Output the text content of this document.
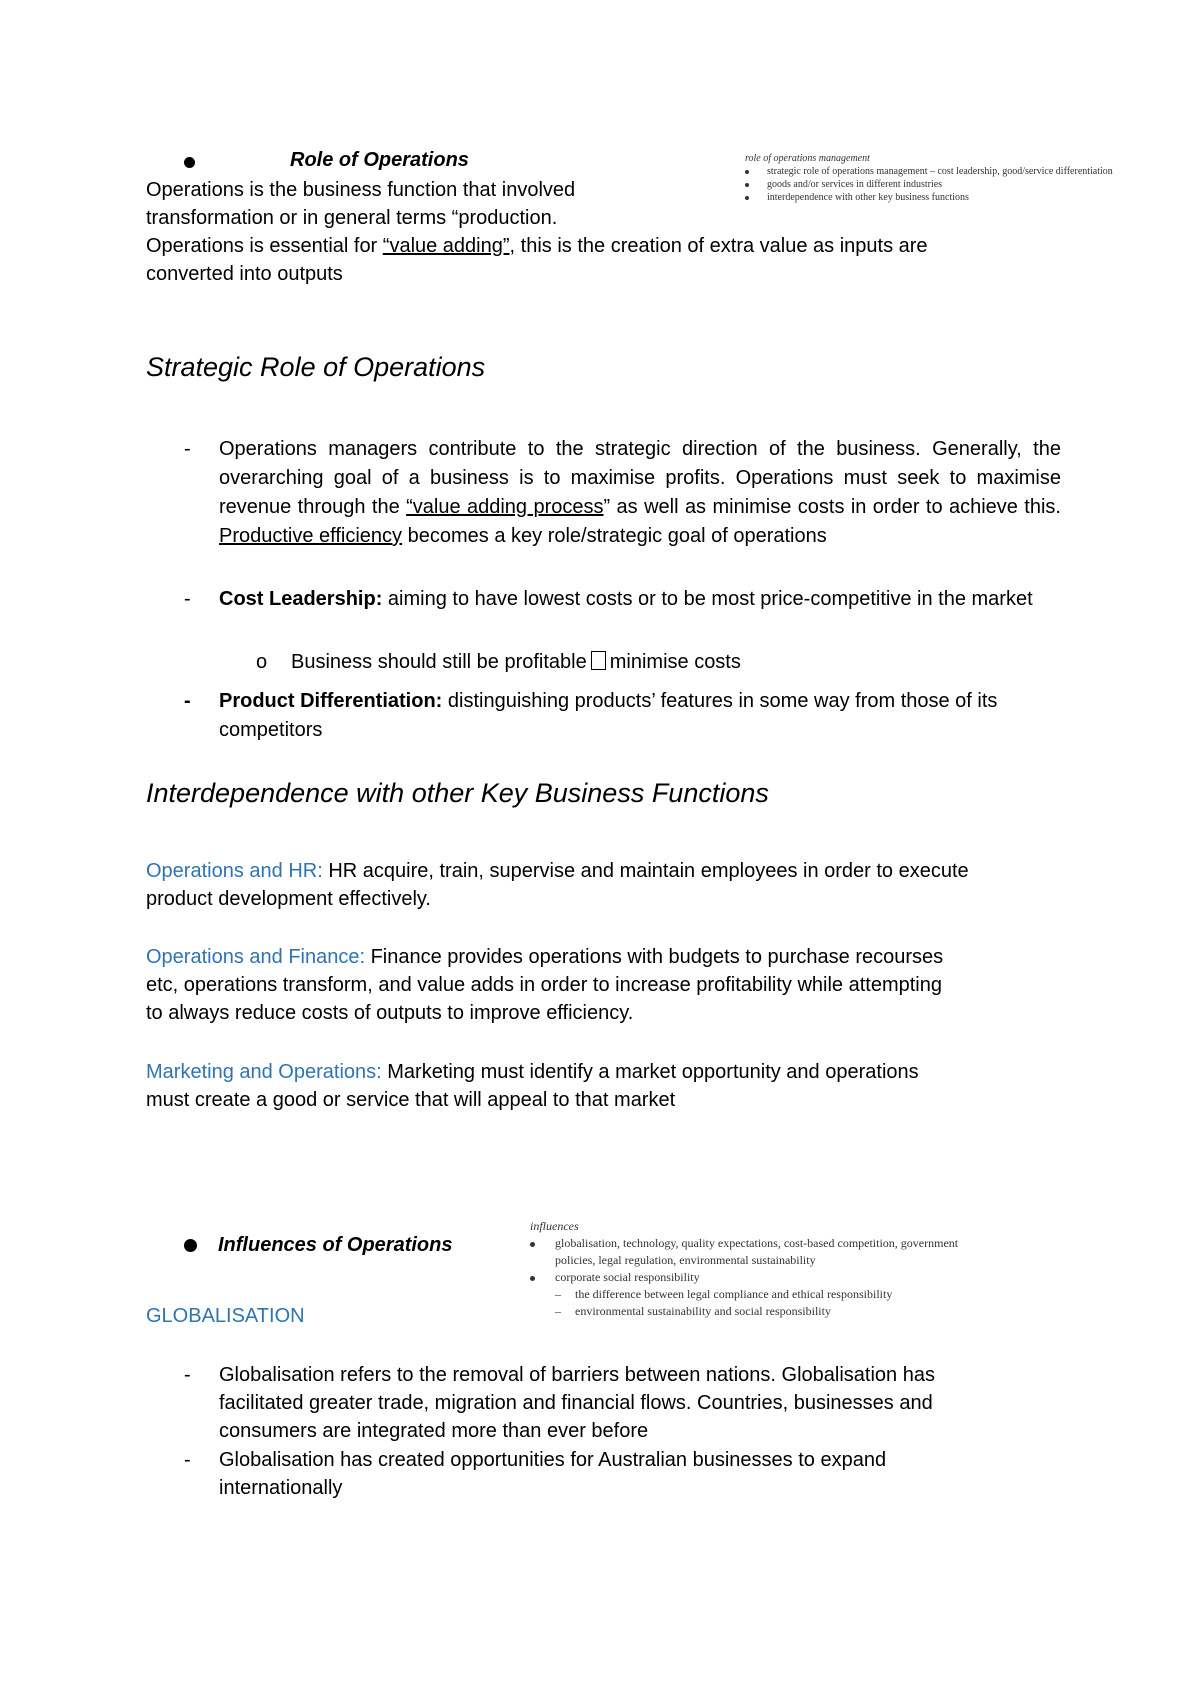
Role of Operations
Operations is the business function that involved
transformation or in general terms “production.
Operations is essential for “value adding”, this is the creation of extra value as inputs are
converted into outputs
role of operations management
strategic role of operations management – cost leadership, good/service differentiation
goods and/or services in different industries
interdependence with other key business functions
Strategic Role of Operations
- Operations managers contribute to the strategic direction of the business. Generally, the overarching goal of a business is to maximise profits. Operations must seek to maximise revenue through the “value adding process” as well as minimise costs in order to achieve this. Productive efficiency becomes a key role/strategic goal of operations
- Cost Leadership: aiming to have lowest costs or to be most price-competitive in the market
o Business should still be profitable minimise costs
- Product Differentiation: distinguishing products’ features in some way from those of its competitors
Interdependence with other Key Business Functions
Operations and HR: HR acquire, train, supervise and maintain employees in order to execute
product development effectively.
Operations and Finance: Finance provides operations with budgets to purchase recourses
etc, operations transform, and value adds in order to increase profitability while attempting
to always reduce costs of outputs to improve efficiency.
Marketing and Operations: Marketing must identify a market opportunity and operations
must create a good or service that will appeal to that market
Influences of Operations
GLOBALISATION
influences
globalisation, technology, quality expectations, cost-based competition, government
policies, legal regulation, environmental sustainability
corporate social responsibility
– the difference between legal compliance and ethical responsibility
– environmental sustainability and social responsibility
- Globalisation refers to the removal of barriers between nations. Globalisation has
facilitated greater trade, migration and financial flows. Countries, businesses and
consumers are integrated more than ever before
- Globalisation has created opportunities for Australian businesses to expand
internationally
